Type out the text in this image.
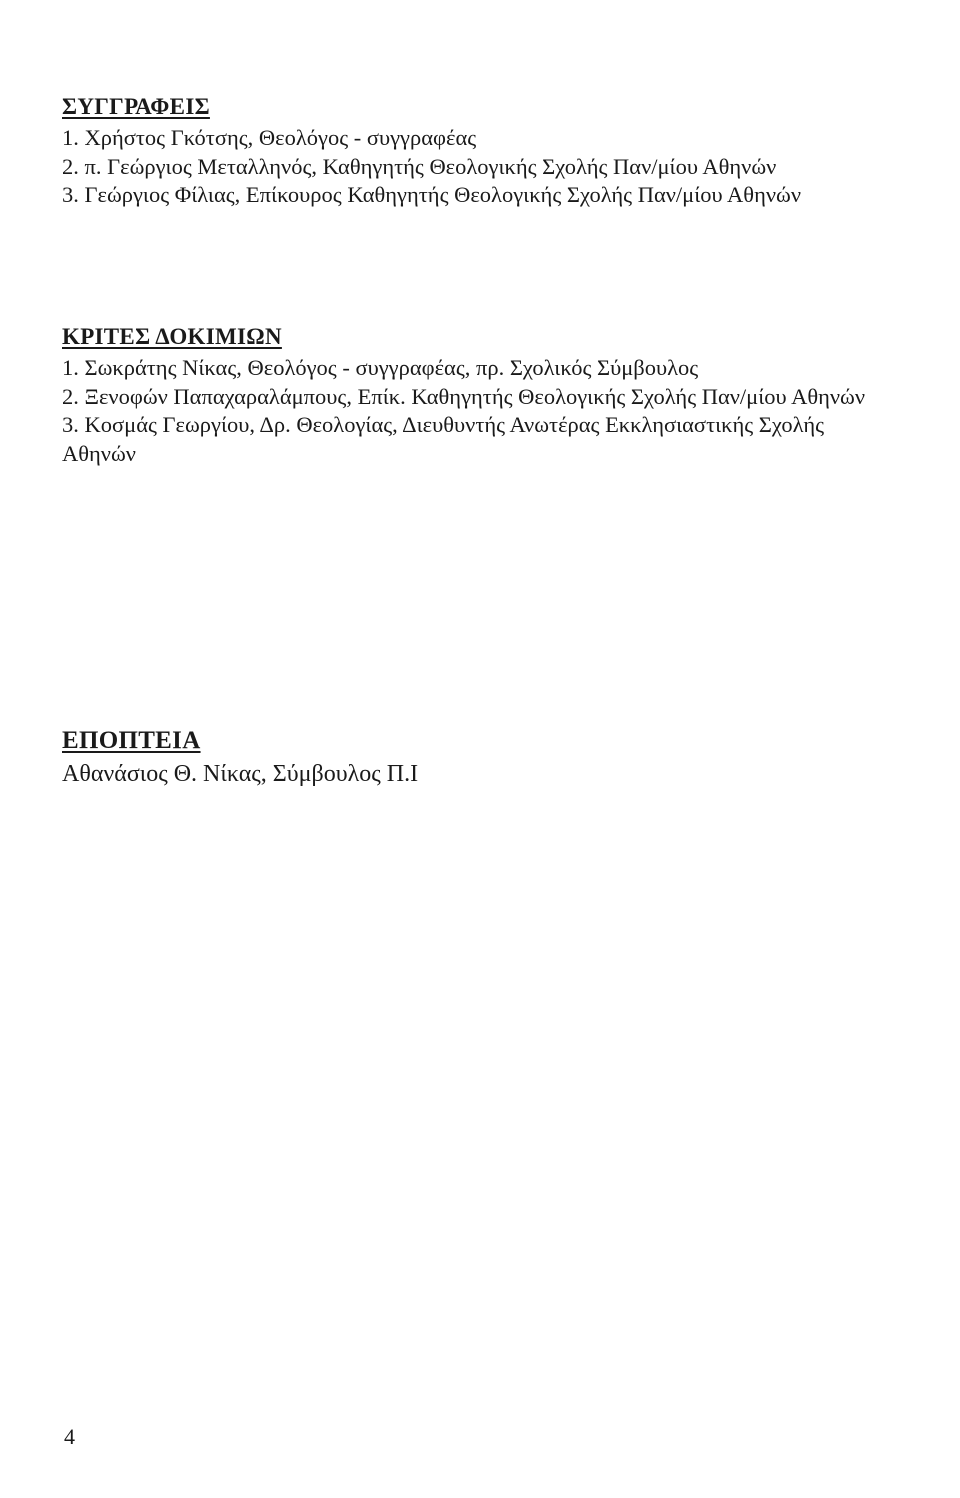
ΣΥΓΓΡΑΦΕΙΣ
1. Χρήστος Γκότσης, Θεολόγος - συγγραφέας
2. π. Γεώργιος Μεταλληνός, Καθηγητής Θεολογικής Σχολής Παν/μίου Αθηνών
3. Γεώργιος Φίλιας, Επίκουρος Καθηγητής Θεολογικής Σχολής Παν/μίου Αθηνών
ΚΡΙΤΕΣ ΔΟΚΙΜΙΩΝ
1. Σωκράτης Νίκας, Θεολόγος - συγγραφέας, πρ. Σχολικός Σύμβουλος
2. Ξενοφών Παπαχαραλάμπους, Επίκ. Καθηγητής Θεολογικής Σχολής Παν/μίου Αθηνών
3. Κοσμάς Γεωργίου, Δρ. Θεολογίας, Διευθυντής Ανωτέρας Εκκλησιαστικής Σχολής Αθηνών
ΕΠΟΠΤΕΙΑ
Αθανάσιος Θ. Νίκας, Σύμβουλος Π.Ι
4
